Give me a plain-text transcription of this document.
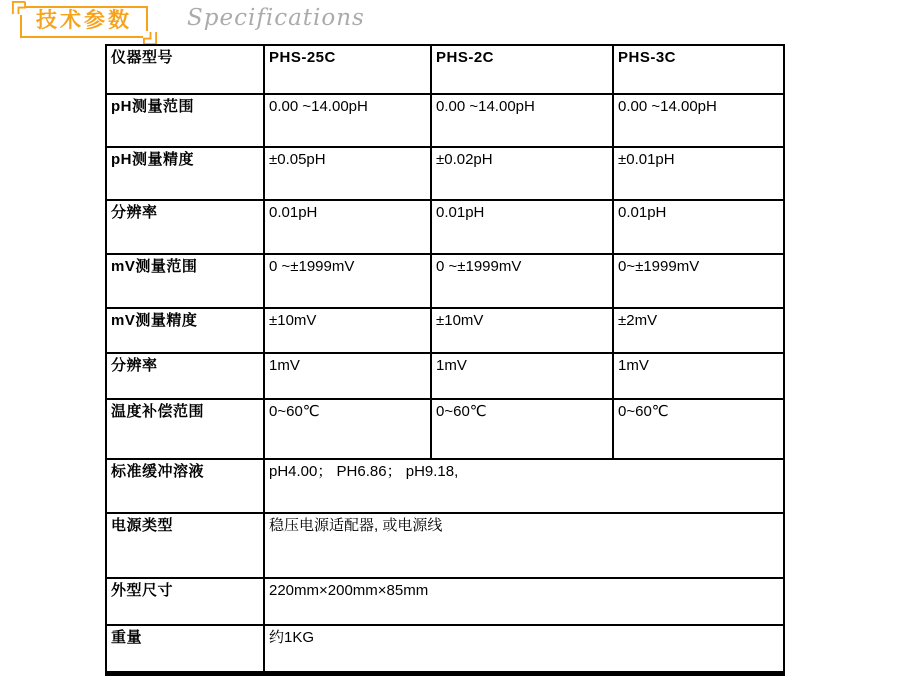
技术参数	Specifications
仪器型号	PHS-25C	PHS-2C	PHS-3C
pH测量范围	0.00 ~14.00pH	0.00 ~14.00pH	0.00 ~14.00pH
pH测量精度	±0.05pH	±0.02pH	±0.01pH
分辨率	0.01pH	0.01pH	0.01pH
mV测量范围	0 ~±1999mV	0 ~±1999mV	0~±1999mV
mV测量精度	±10mV	±10mV	±2mV
分辨率	1mV	1mV	1mV
温度补偿范围	0~60℃	0~60℃	0~60℃
标准缓冲溶液	pH4.00； PH6.86； pH9.18,		
电源类型	稳压电源适配器, 或电源线		
外型尺寸	220mm×200mm×85mm		
重量	约1KG		
